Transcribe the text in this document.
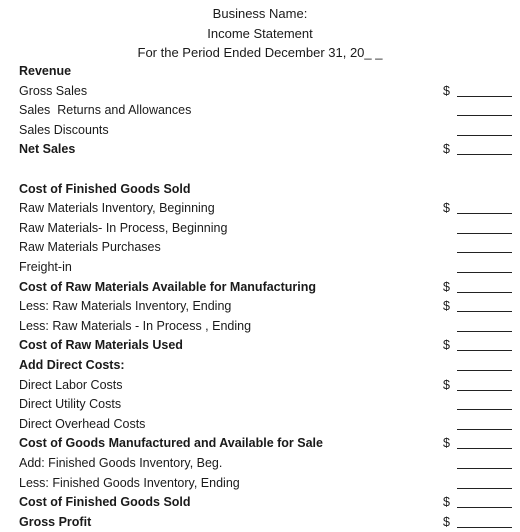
Business Name:
Income Statement
For the Period Ended December 31, 20_ _
Revenue
Gross Sales	$
Sales  Returns and Allowances
Sales Discounts
Net Sales	$
Cost of Finished Goods Sold
Raw Materials Inventory, Beginning	$
Raw Materials- In Process, Beginning
Raw Materials Purchases
Freight-in
Cost of Raw Materials Available for Manufacturing	$
Less: Raw Materials Inventory, Ending	$
Less: Raw Materials - In Process , Ending
Cost of Raw Materials Used	$
Add Direct Costs:
Direct Labor Costs	$
Direct Utility Costs
Direct Overhead Costs
Cost of Goods Manufactured and Available for Sale	$
Add: Finished Goods Inventory, Beg.
Less: Finished Goods Inventory, Ending
Cost of Finished Goods Sold	$
Gross Profit	$
